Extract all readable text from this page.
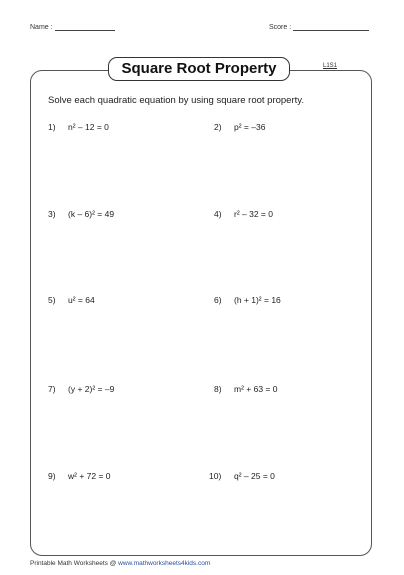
Name :	Score :
Square Root Property	L1S1
Solve each quadratic equation by using square root property.
1) n² – 12 = 0	2) p² = –36
3) (k – 6)² = 49	4) r² – 32 = 0
5) u² = 64	6) (h + 1)² = 16
7) (y + 2)² = –9	8) m² + 63 = 0
9) w² + 72 = 0	10) q² – 25 = 0
Printable Math Worksheets @ www.mathworksheets4kids.com
